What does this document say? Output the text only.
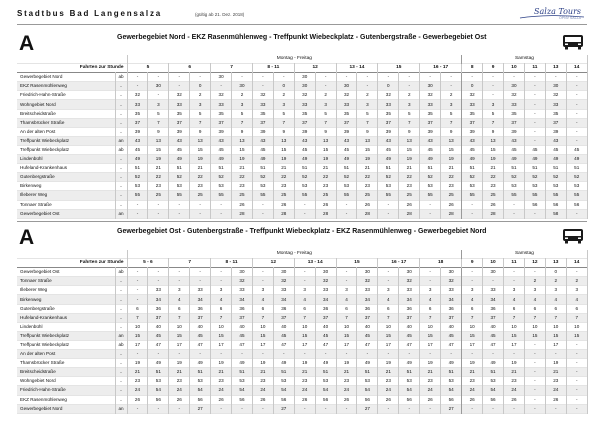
Stadtbus Bad Langensalza	(gültig ab 21. Dez. 2018)	Salza Tours
ÖPNV SALZA
A	Gewerbegebiet Nord - EKZ Rasenmühlenweg - Treffpunkt Wiebeckplatz - Gutenbergstraße - Gewerbegebiet Ost
		Montag - Freitag																Samstag					
Fahrten zur Stunde		5		6		7		8 - 11		12		13 - 14		15		16 - 17		8	9	10	11	13	14
Gewerbegebiet Nord	ab	-	-	-	-	30	-	-	-	30	-	-	-	-	-	-	-	-	-	-	-	-	-
EKZ Rasenmühlenweg	..	-	30	-	0	-	30	-	0	30	-	30	-	0	-	30	-	0	-	30	-	30	-
Friedrich-Hahn-Straße	..	32	-	32	2	32	2	32	2	32	2	32	2	32	2	32	2	32	-	32	-	32	-
Wohngebiet Nord	..	33	3	33	3	33	3	33	3	33	3	33	3	33	3	33	3	33	3	33	-	33	-
Breitscheidstraße	..	35	5	35	5	35	5	35	5	35	5	35	5	35	5	35	5	35	5	35	-	35	-
Thamsbrücker Straße	..	37	7	37	7	37	7	37	7	37	7	37	7	37	7	37	7	37	7	37	-	37	-
An der alten Post	..	39	9	39	9	39	9	39	9	39	9	39	9	39	9	39	9	39	9	39	-	39	-
Treffpunkt Wiebeckplatz	an	43	13	43	13	43	13	43	13	43	13	43	13	43	13	43	13	43	13	43	-	43	-
Treffpunkt Wiebeckplatz	ab	45	15	45	15	45	15	45	15	45	15	45	15	45	15	45	15	45	15	45	45	45	45
Lindenbühl	..	49	19	49	19	49	19	49	19	49	19	49	19	49	19	49	19	49	19	49	49	49	49
Hufeland-Krankenhaus	..	51	21	51	21	51	21	51	21	51	21	51	21	51	21	51	21	51	21	51	51	51	51
Gutenbergstraße	..	52	22	52	22	52	22	52	22	52	22	52	22	52	22	52	22	52	22	52	52	52	52
Birkenweg	..	53	23	53	23	53	23	53	23	53	23	53	23	53	23	53	23	53	23	53	53	53	53
Illeberer Weg	..	55	25	55	25	55	25	55	25	55	25	55	25	55	25	55	25	55	25	55	55	55	55
Tonnaer Straße	..	-	-	-	-	-	26	-	26	-	26	-	26	-	26	-	26	-	26	-	56	56	56
Gewerbegebiet Ost	an	-	-	-	-	-	28	-	28	-	28	-	28	-	28	-	28	-	28	-	-	58	-
A	Gewerbegebiet Ost - Gutenbergstraße - Treffpunkt Wiebeckplatz - EKZ Rasenmühlenweg - Gewerbegebiet Nord
		Montag - Freitag																Samstag					
Fahrten zur Stunde		5 - 6		7		8 - 11		12		13 - 14		15		16 - 17		18		9	10	11	12	13	14
Gewerbegebiet Ost	ab	-	-	-	-	-	30	-	30	-	30	-	30	-	30	-	30	-	30	-	-	0	-
Tonnaer Straße	..	-	-	-	-	-	32	-	32	-	32	-	32	-	32	-	32	-	-	-	2	2	2
Illeberer Weg	..	-	33	3	33	3	33	3	33	3	33	3	33	3	33	3	33	3	33	3	3	3	3
Birkenweg	..	-	34	4	34	4	34	4	34	4	34	4	34	4	34	4	34	4	34	4	4	4	4
Gutenbergstraße	..	6	36	6	36	6	36	6	36	6	36	6	36	6	36	6	36	6	36	6	6	6	6
Hufeland-Krankenhaus	..	7	37	7	37	7	37	7	37	7	37	7	37	7	37	7	37	7	37	7	7	7	7
Lindenbühl	..	10	40	10	40	10	40	10	40	10	40	10	40	10	40	10	40	10	40	10	10	10	10
Treffpunkt Wiebeckplatz	an	15	45	15	45	15	45	15	45	15	45	15	45	15	45	15	45	15	45	15	15	15	15
Treffpunkt Wiebeckplatz	ab	17	47	17	47	17	47	17	47	17	47	17	47	17	47	17	47	17	47	17	-	17	-
An der alten Post	..	-	-	-	-	-	-	-	-	-	-	-	-	-	-	-	-	-	-	-	-	-	-
Thamsbrücker Straße	..	19	49	19	49	19	49	19	49	19	49	19	49	19	49	19	49	19	49	19	-	19	-
Breitscheidstraße	..	21	51	21	51	21	51	21	51	21	51	21	51	21	51	21	51	21	51	21	-	21	-
Wohngebiet Nord	..	23	53	23	53	23	53	23	53	23	53	23	53	23	53	23	53	23	53	23	-	23	-
Friedrich-Hahn-Straße	..	24	54	24	54	24	54	24	54	24	54	24	54	24	54	24	54	24	54	24	-	24	-
EKZ Rasenmühlenweg	..	26	56	26	56	26	56	26	56	26	56	26	56	26	56	26	56	26	56	26	-	26	-
Gewerbegebiet Nord	an	-	-	-	27	-	-	-	27	-	-	-	27	-	-	-	27	-	-	-	-	-	-
